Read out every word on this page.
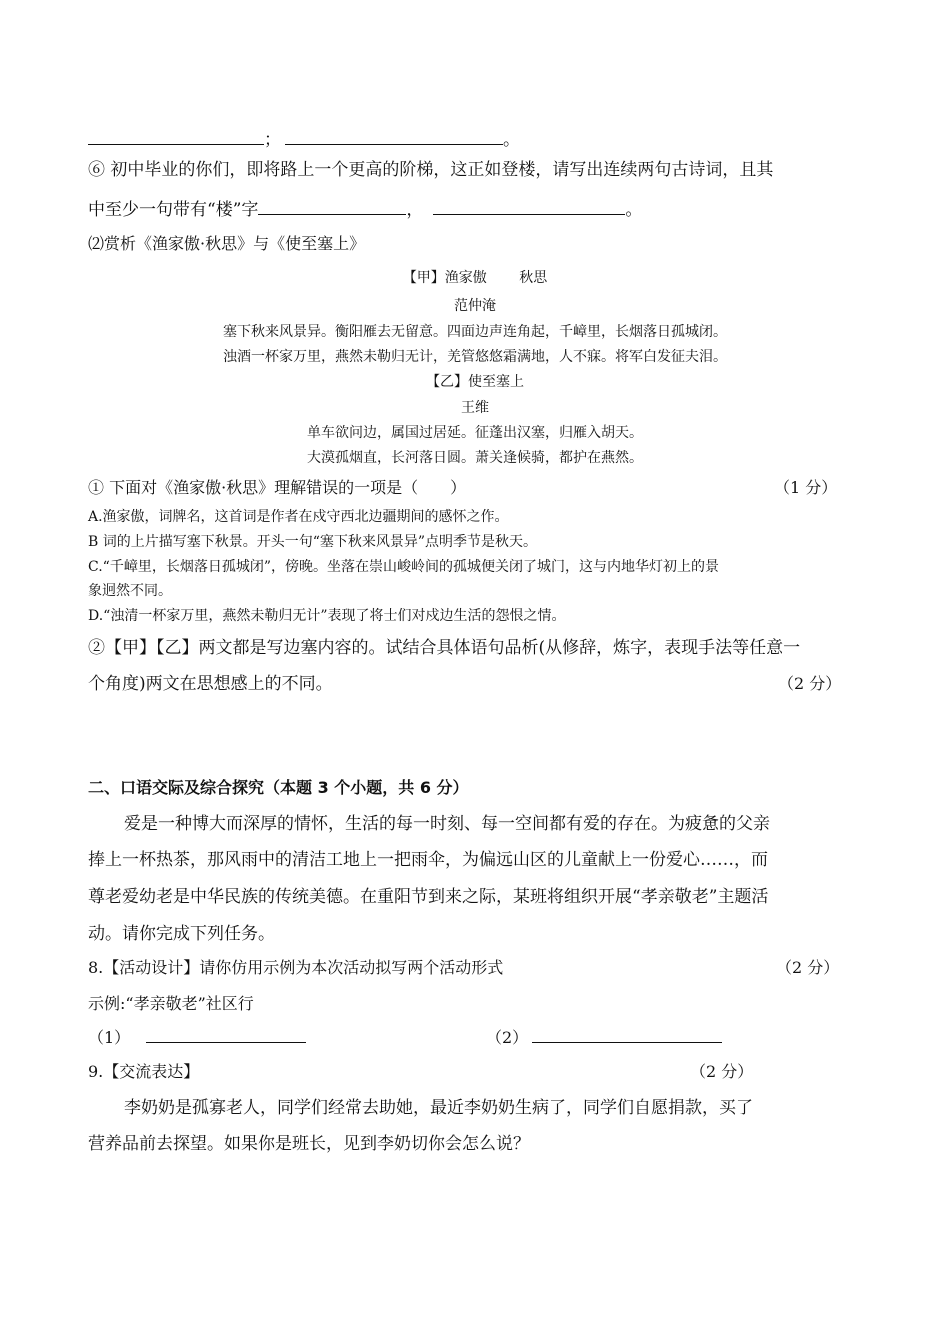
；	。
⑥ 初中毕业的你们，即将路上一个更高的阶梯，这正如登楼，请写出连续两句古诗词，且其
中至少一句带有“楼”字	，	。
⑵赏析《渔家傲·秋思》与《使至塞上》
【甲】渔家傲　　 秋思
范仲淹
塞下秋来风景异。衡阳雁去无留意。四面边声连角起，千嶂里，长烟落日孤城闭。
浊酒一杯家万里，燕然未勒归无计，羌管悠悠霜满地，人不寐。将军白发征夫泪。
【乙】使至塞上
王维
单车欲问边，属国过居延。征蓬出汉塞，归雁入胡天。
大漠孤烟直，长河落日圆。萧关逢候骑，都护在燕然。
① 下面对《渔家傲·秋思》理解错误的一项是（　　）	（1 分）
A.渔家傲，词牌名，这首词是作者在戍守西北边疆期间的感怀之作。
B 词的上片描写塞下秋景。开头一句“塞下秋来风景异”点明季节是秋天。
C.“千嶂里，长烟落日孤城闭”，傍晚。坐落在崇山峻岭间的孤城便关闭了城门，这与内地华灯初上的景
象迥然不同。
D.“浊清一杯家万里，燕然未勒归无计”表现了将士们对戍边生活的怨恨之情。
②【甲】【乙】两文都是写边塞内容的。试结合具体语句品析(从修辞，炼字，表现手法等任意一
个角度)两文在思想感上的不同。	（2 分）
二、口语交际及综合探究（本题 3 个小题，共 6 分）
爱是一种博大而深厚的情怀，生活的每一时刻、每一空间都有爱的存在。为疲惫的父亲
捧上一杯热茶，那风雨中的清洁工地上一把雨伞，为偏远山区的儿童献上一份爱心……，而
尊老爱幼老是中华民族的传统美德。在重阳节到来之际，某班将组织开展“孝亲敬老”主题活
动。请你完成下列任务。
8.【活动设计】请你仿用示例为本次活动拟写两个活动形式	（2 分）
示例:“孝亲敬老”社区行
（1）	（2）
9.【交流表达】	（2 分）
李奶奶是孤寡老人，同学们经常去助她，最近李奶奶生病了，同学们自愿捐款，买了
营养品前去探望。如果你是班长，见到李奶切你会怎么说？
